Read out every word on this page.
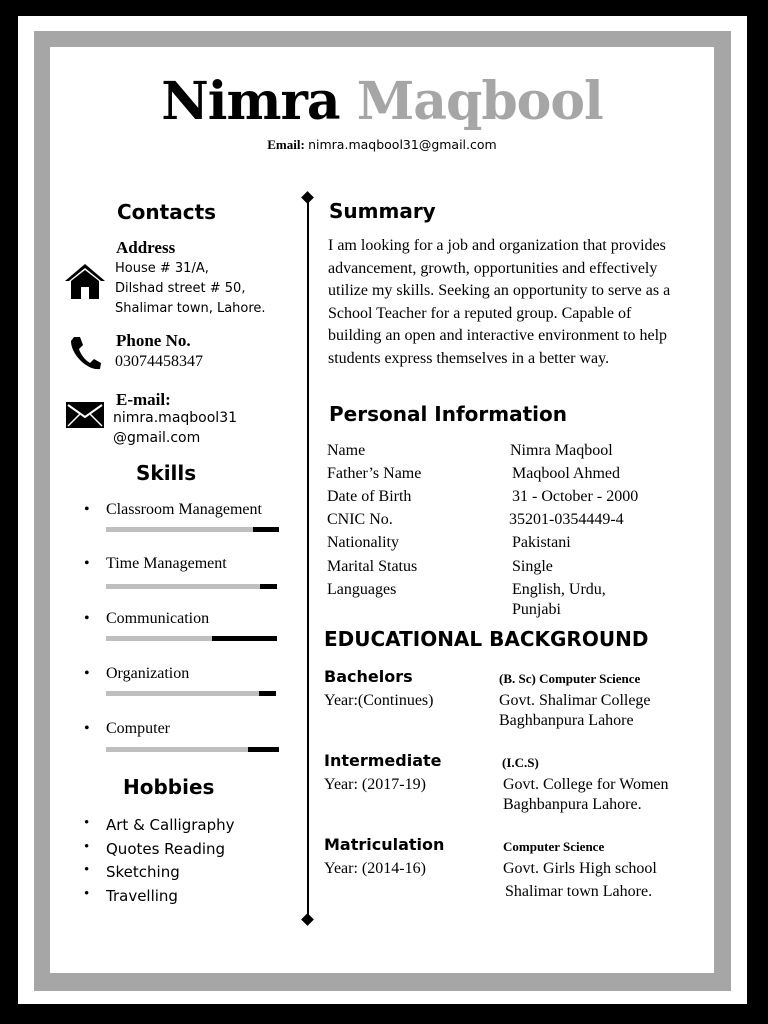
Nimra Maqbool
Email: nimra.maqbool31@gmail.com
Contacts
Address
House # 31/A,
Dilshad street # 50,
Shalimar town, Lahore.
Phone No.
03074458347
E-mail:
nimra.maqbool31
@gmail.com
Skills
• Classroom Management
• Time Management
• Communication
• Organization
• Computer
Hobbies
• Art & Calligraphy
• Quotes Reading
• Sketching
• Travelling
Summary
I am looking for a job and organization that provides advancement, growth, opportunities and effectively utilize my skills. Seeking an opportunity to serve as a School Teacher for a reputed group. Capable of building an open and interactive environment to help students express themselves in a better way.
Personal Information
Name	Nimra Maqbool
Father’s Name	Maqbool Ahmed
Date of Birth	31 - October - 2000
CNIC No.	35201-0354449-4
Nationality	Pakistani
Marital Status	Single
Languages	English, Urdu,
Punjabi
EDUCATIONAL BACKGROUND
Bachelors	(B. Sc) Computer Science
Year:(Continues)	Govt. Shalimar College
Baghbanpura Lahore
Intermediate	(I.C.S)
Year: (2017-19)	Govt. College for Women
Baghbanpura Lahore.
Matriculation	Computer Science
Year: (2014-16)	Govt. Girls High school
Shalimar town Lahore.
